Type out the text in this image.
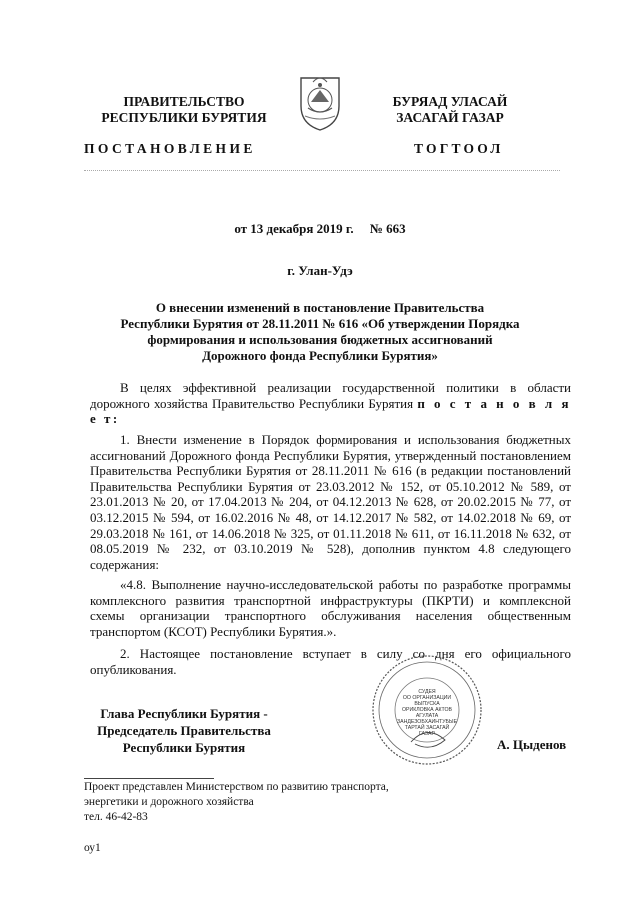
ПРАВИТЕЛЬСТВО
РЕСПУБЛИКИ БУРЯТИЯ
БУРЯАД УЛАСАЙ
ЗАСАГАЙ ГАЗАР
ПОСТАНОВЛЕНИЕ	ТОГТООЛ
от 13 декабря 2019 г.     № 663
г. Улан-Удэ
О внесении изменений в постановление Правительства
Республики Бурятия от 28.11.2011 № 616 «Об утверждении Порядка
формирования и использования бюджетных ассигнований
Дорожного фонда Республики Бурятия»
В целях эффективной реализации государственной политики в области дорожного хозяйства Правительство Республики Бурятия п о с т а н о в л я е т:
1. Внести изменение в Порядок формирования и использования бюджетных ассигнований Дорожного фонда Республики Бурятия, утвержденный постановлением Правительства Республики Бурятия от 28.11.2011 № 616 (в редакции постановлений Правительства Республики Бурятия от 23.03.2012 № 152, от 05.10.2012 № 589, от 23.01.2013 № 20, от 17.04.2013 № 204, от 04.12.2013 № 628, от 20.02.2015 № 77, от 03.12.2015 № 594, от 16.02.2016 № 48, от 14.12.2017 № 582, от 14.02.2018 № 69, от 29.03.2018 № 161, от 14.06.2018 № 325, от 01.11.2018 № 611, от 16.11.2018 № 632, от 08.05.2019 № 232, от 03.10.2019 № 528), дополнив пунктом 4.8 следующего содержания:
«4.8. Выполнение научно-исследовательской работы по разработке программы комплексного развития транспортной инфраструктуры (ПКРТИ) и комплексной схемы организации транспортного обслуживания населения общественным транспортом (КСОТ) Республики Бурятия.».
2. Настоящее постановление вступает в силу со дня его официального опубликования.
Глава Республики Бурятия -
Председатель Правительства
Республики Бурятия
СУДЕЯ
ОО ОРГАНИЗАЦИИ
ВЫПУСКА
ОРИКЛОВКА АКТОВ
АГУЛАТА
ЗАНДЕЗОБХАИНТУБЫЕ
ТАРТАЙ ЗАСАГАЙ
ГАЗАР
А. Цыденов
Проект представлен Министерством по развитию транспорта,
энергетики и дорожного хозяйства
тел. 46-42-83
оу1
